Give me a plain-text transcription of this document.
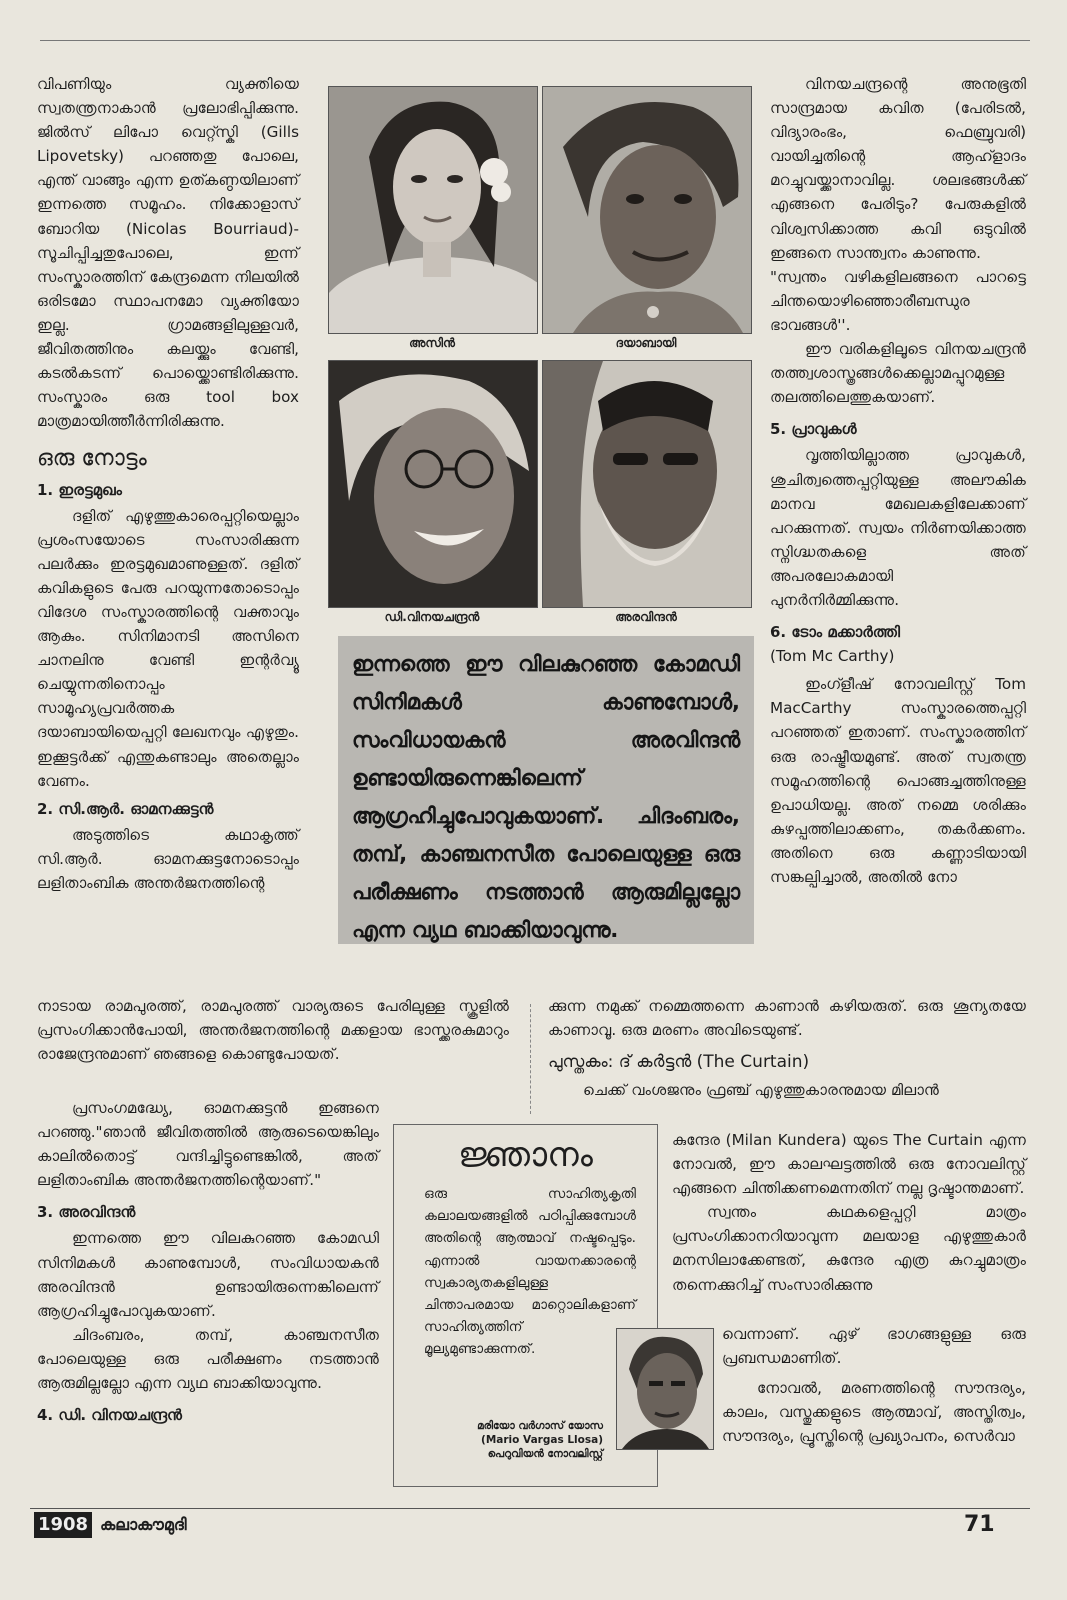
വിപണിയും വ്യക്തിയെ സ്വതന്ത്രനാകാൻ പ്രലോഭിപ്പിക്കുന്നു. ജിൽസ് ലിപോ വെറ്റ്സ്കി (Gills Lipovetsky) പറഞ്ഞതു പോലെ, എന്ത് വാങ്ങും എന്ന ഉത്കണ്ഠയിലാണ് ഇന്നത്തെ സമൂഹം. നിക്കോളാസ് ബോറിയ (Nicolas Bourriaud)-സൂചിപ്പിച്ചതുപോലെ, ഇന്ന് സംസ്കാരത്തിന് കേന്ദ്രമെന്ന നിലയിൽ ഒരിടമോ സ്ഥാപനമോ വ്യക്തിയോ ഇല്ല. ഗ്രാമങ്ങളിലുള്ളവർ, ജീവിതത്തിനും കലയ്ക്കും വേണ്ടി, കടൽകടന്ന് പൊയ്ക്കൊണ്ടിരിക്കുന്നു. സംസ്കാരം ഒരു tool box മാത്രമായിത്തീർന്നിരിക്കുന്നു.

ഒരു നോട്ടം
1. ഇരട്ടമുഖം

ദളിത് എഴുത്തുകാരെപ്പറ്റിയെല്ലാം പ്രശംസയോടെ സംസാരിക്കുന്ന പലർക്കും ഇരട്ടമുഖമാണുള്ളത്. ദളിത് കവികളുടെ പേരു പറയുന്നതോടൊപ്പം വിദേശ സംസ്കാരത്തിന്റെ വക്താവും ആകും. സിനിമാനടി അസിനെ ചാനലിനു വേണ്ടി ഇന്റർവ്യൂ ചെയ്യുന്നതിനൊപ്പം സാമൂഹ്യപ്രവർത്തക ദയാബായിയെപ്പറ്റി ലേഖനവും എഴുതും. ഇക്കൂട്ടർക്ക് എന്തുകണ്ടാലും അതെല്ലാം വേണം.

2. സി.ആർ. ഓമനക്കുട്ടൻ

അടുത്തിടെ കഥാകൃത്ത് സി.ആർ. ഓമനക്കുട്ടനോടൊപ്പം ലളിതാംബിക അന്തർജനത്തിന്റെ

നാടായ രാമപുരത്ത്, രാമപുരത്ത് വാര്യരുടെ പേരിലുള്ള സ്കൂളിൽ പ്രസംഗിക്കാൻപോയി, അന്തർജനത്തിന്റെ മക്കളായ ഭാസ്ക്കരകുമാറും രാജേന്ദ്രനുമാണ് ഞങ്ങളെ കൊണ്ടുപോയത്.

പ്രസംഗമദ്ധ്യേ, ഓമനക്കുട്ടൻ ഇങ്ങനെ പറഞ്ഞു."ഞാൻ ജീവിതത്തിൽ ആരുടെയെങ്കിലും കാലിൽതൊട്ട് വന്ദിച്ചിട്ടുണ്ടെങ്കിൽ, അത് ലളിതാംബിക അന്തർജനത്തിന്റെയാണ്."

3. അരവിന്ദൻ

ഇന്നത്തെ ഈ വിലകുറഞ്ഞ കോമഡി സിനിമകൾ കാണുമ്പോൾ, സംവിധായകൻ അരവിന്ദൻ ഉണ്ടായിരുന്നെങ്കിലെന്ന് ആഗ്രഹിച്ചുപോവുകയാണ്.

ചിദംബരം, തമ്പ്, കാഞ്ചനസീത പോലെയുള്ള ഒരു പരീക്ഷണം നടത്താൻ ആരുമില്ലല്ലോ എന്ന വ്യഥ ബാക്കിയാവുന്നു.

4. ഡി. വിനയചന്ദ്രൻ
അസിൻ	ദയാബായി
ഡി.വിനയചന്ദ്രൻ	അരവിന്ദൻ
ഇന്നത്തെ ഈ വിലകുറഞ്ഞ കോമഡി സിനിമകൾ കാണുമ്പോൾ, സംവിധായകൻ അരവിന്ദൻ ഉണ്ടായിരുന്നെങ്കിലെന്ന് ആഗ്രഹിച്ചുപോവുകയാണ്. ചിദംബരം, തമ്പ്, കാഞ്ചനസീത പോലെയുള്ള ഒരു പരീക്ഷണം നടത്താൻ ആരുമില്ലല്ലോ എന്ന വ്യഥ ബാക്കിയാവുന്നു.

വിനയചന്ദ്രന്റെ അനുഭൂതി സാന്ദ്രമായ കവിത (പേരിടൽ, വിദ്യാരംഭം, ഫെബ്രുവരി) വായിച്ചതിന്റെ ആഹ്ളാദം മറച്ചുവയ്ക്കാനാവില്ല. ശലഭങ്ങൾക്ക് എങ്ങനെ പേരിടും? പേരുകളിൽ വിശ്വസിക്കാത്ത കവി ഒടുവിൽ ഇങ്ങനെ സാന്ത്വനം കാണുന്നു.

"സ്വന്തം വഴികളിലങ്ങനെ പാറട്ടെ ചിന്തയൊഴിഞ്ഞൊരീബന്ധുര ഭാവങ്ങൾ''.

ഈ വരികളിലൂടെ വിനയചന്ദ്രൻ തത്ത്വശാസ്ത്രങ്ങൾക്കെല്ലാമപ്പുറമുള്ള തലത്തിലെത്തുകയാണ്.

5. പ്രാവുകൾ

വൃത്തിയില്ലാത്ത പ്രാവുകൾ, ശുചിത്വത്തെപ്പറ്റിയുള്ള അലൗകിക മാനവ മേഖലകളിലേക്കാണ് പറക്കുന്നത്. സ്വയം നിർണയിക്കാത്ത സ്നിഗ്ദ്ധതകളെ അത് അപരലോകമായി പുനർനിർമ്മിക്കുന്നു.

6. ടോം മക്കാർത്തി

(Tom Mc Carthy)

ഇംഗ്ളീഷ് നോവലിസ്റ്റ് Tom MacCarthy സംസ്കാരത്തെപ്പറ്റി പറഞ്ഞത് ഇതാണ്. സംസ്കാരത്തിന് ഒരു രാഷ്ട്രീയമുണ്ട്. അത് സ്വതന്ത്ര സമൂഹത്തിന്റെ പൊങ്ങച്ചത്തിനുള്ള ഉപാധിയല്ല. അത് നമ്മെ ശരിക്കും കുഴപ്പത്തിലാക്കണം, തകർക്കണം. അതിനെ ഒരു കണ്ണാടിയായി സങ്കല്പിച്ചാൽ, അതിൽ നോ

ക്കുന്ന നമുക്ക് നമ്മെത്തന്നെ കാണാൻ കഴിയരുത്. ഒരു ശൂന്യതയേ കാണാവൂ. ഒരു മരണം അവിടെയുണ്ട്.

പുസ്തകം: ദ് കർട്ടൻ (The Curtain)

ചെക്ക് വംശജനും ഫ്രഞ്ച് എഴുത്തുകാരനുമായ മിലാൻ

കുന്ദേര (Milan Kundera) യുടെ The Curtain എന്ന നോവൽ, ഈ കാലഘട്ടത്തിൽ ഒരു നോവലിസ്റ്റ് എങ്ങനെ ചിന്തിക്കണമെന്നതിന് നല്ല ദൃഷ്ടാന്തമാണ്.

സ്വന്തം കഥകളെപ്പറ്റി മാത്രം പ്രസംഗിക്കാനറിയാവുന്ന മലയാള എഴുത്തുകാർ മനസിലാക്കേണ്ടത്, കുന്ദേര എത്ര കുറച്ചുമാത്രം തന്നെക്കുറിച്ച് സംസാരിക്കുന്നു

വെന്നാണ്. ഏഴ് ഭാഗങ്ങളുള്ള ഒരു പ്രബന്ധമാണിത്.

നോവൽ, മരണത്തിന്റെ സൗന്ദര്യം, കാലം, വസ്തുക്കളുടെ ആത്മാവ്, അസ്തിത്വം, സൗന്ദര്യം, പ്രൂസ്തിന്റെ പ്രഖ്യാപനം, സെർവാ

ജ്ഞാനം
ഒരു സാഹിത്യകൃതി കലാലയങ്ങളിൽ പഠിപ്പിക്കുമ്പോൾ അതിന്റെ ആത്മാവ് നഷ്ടപ്പെടും. എന്നാൽ വായനക്കാരന്റെ സ്വകാര്യതകളിലുള്ള ചിന്താപരമായ മാറ്റൊലികളാണ് സാഹിത്യത്തിന് മൂല്യമുണ്ടാക്കുന്നത്.
മരിയോ വർഗാസ് യോസ
(Mario Vargas Llosa)
പെറുവിയൻ നോവലിസ്റ്റ്
1908 കലാകൗമുദി	71
